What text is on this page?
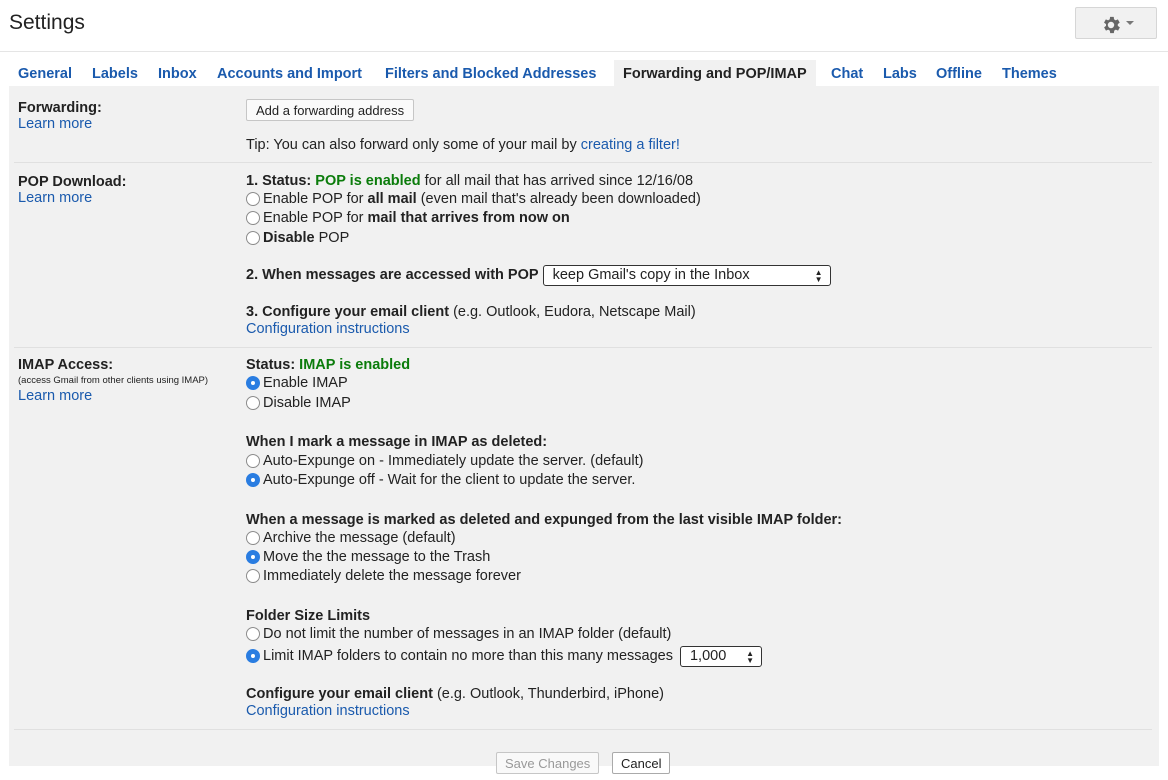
Settings
General	Labels	Inbox	Accounts and Import	Filters and Blocked Addresses	Forwarding and POP/IMAP	Chat	Labs	Offline	Themes
Forwarding:
Learn more
Add a forwarding address
Tip: You can also forward only some of your mail by creating a filter!
POP Download:
Learn more
1. Status: POP is enabled for all mail that has arrived since 12/16/08
Enable POP for all mail (even mail that's already been downloaded)
Enable POP for mail that arrives from now on
Disable POP
2. When messages are accessed with POP keep Gmail's copy in the Inbox	▲
▼
3. Configure your email client (e.g. Outlook, Eudora, Netscape Mail)
Configuration instructions
IMAP Access:
(access Gmail from other clients using IMAP)
Learn more
Status: IMAP is enabled
Enable IMAP
Disable IMAP
When I mark a message in IMAP as deleted:
Auto-Expunge on - Immediately update the server. (default)
Auto-Expunge off - Wait for the client to update the server.
When a message is marked as deleted and expunged from the last visible IMAP folder:
Archive the message (default)
Move the the message to the Trash
Immediately delete the message forever
Folder Size Limits
Do not limit the number of messages in an IMAP folder (default)
Limit IMAP folders to contain no more than this many messages 1,000 ▲
▼
Configure your email client (e.g. Outlook, Thunderbird, iPhone)
Configuration instructions
Save Changes	Cancel
